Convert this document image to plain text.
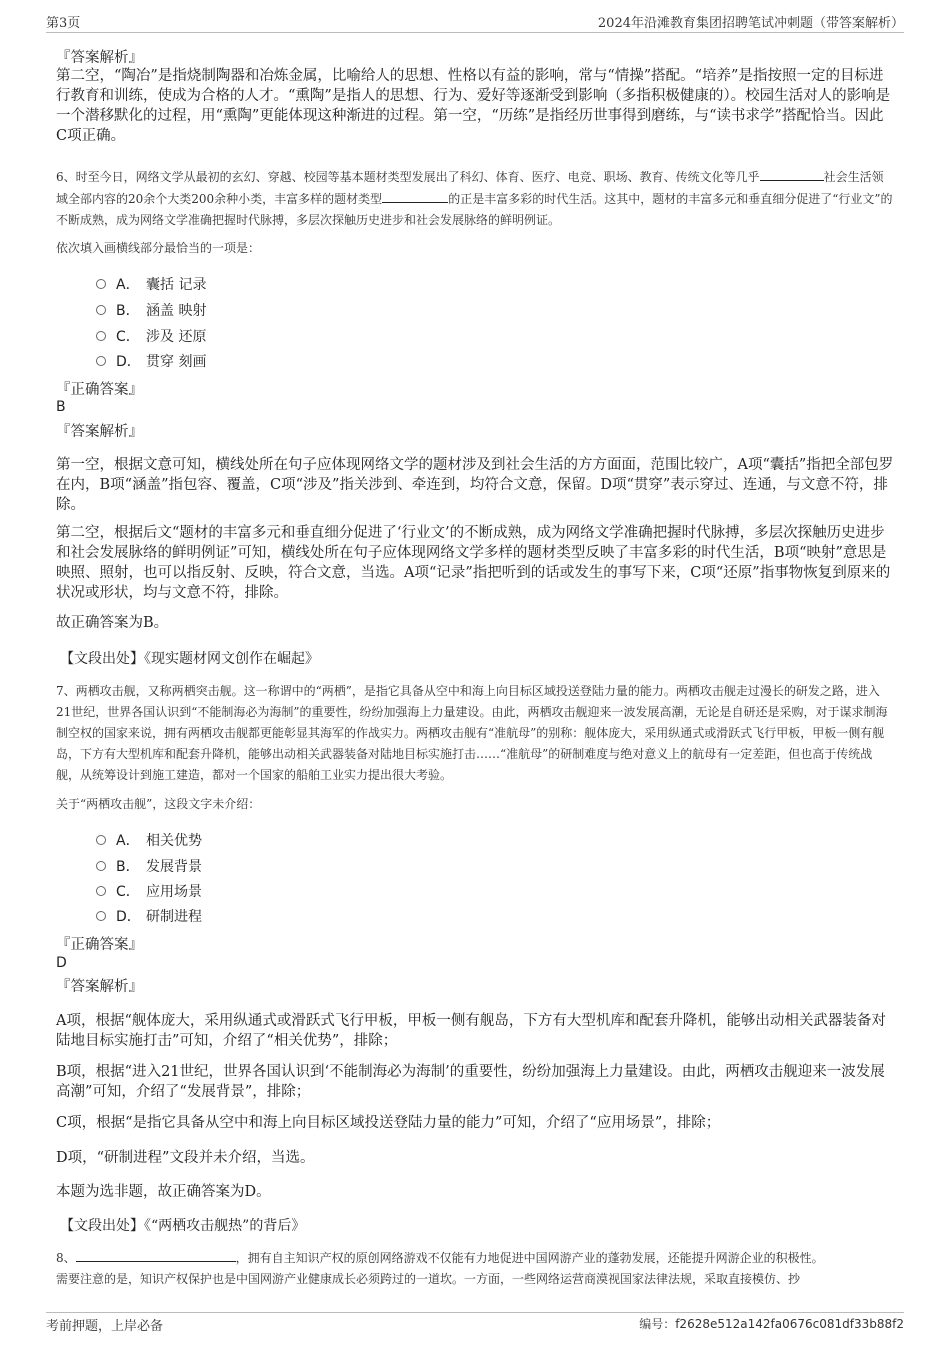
第3页	2024年沿滩教育集团招聘笔试冲刺题（带答案解析）
『答案解析』
第二空，“陶冶”是指烧制陶器和冶炼金属，比喻给人的思想、性格以有益的影响，常与“情操”搭配。“培养”是指按照一定的目标进行教育和训练，使成为合格的人才。“熏陶”是指人的思想、行为、爱好等逐渐受到影响（多指积极健康的）。校园生活对人的影响是一个潜移默化的过程，用“熏陶”更能体现这种渐进的过程。第一空，“历练”是指经历世事得到磨练，与“读书求学”搭配恰当。因此C项正确。
6、时至今日，网络文学从最初的玄幻、穿越、校园等基本题材类型发展出了科幻、体育、医疗、电竞、职场、教育、传统文化等几乎	社会生活领域全部内容的20余个大类200余种小类，丰富多样的题材类型	的正是丰富多彩的时代生活。这其中，题材的丰富多元和垂直细分促进了“行业文”的不断成熟，成为网络文学准确把握时代脉搏，多层次探触历史进步和社会发展脉络的鲜明例证。
依次填入画横线部分最恰当的一项是：
A． 囊括 记录
B． 涵盖 映射
C． 涉及 还原
D． 贯穿 刻画
『正确答案』
B
『答案解析』
第一空，根据文意可知，横线处所在句子应体现网络文学的题材涉及到社会生活的方方面面，范围比较广，A项“囊括”指把全部包罗在内，B项“涵盖”指包容、覆盖，C项“涉及”指关涉到、牵连到，均符合文意，保留。D项“贯穿”表示穿过、连通，与文意不符，排除。
第二空，根据后文“题材的丰富多元和垂直细分促进了‘行业文’的不断成熟，成为网络文学准确把握时代脉搏，多层次探触历史进步和社会发展脉络的鲜明例证”可知，横线处所在句子应体现网络文学多样的题材类型反映了丰富多彩的时代生活，B项“映射”意思是映照、照射，也可以指反射、反映，符合文意，当选。A项“记录”指把听到的话或发生的事写下来，C项“还原”指事物恢复到原来的状况或形状，均与文意不符，排除。
故正确答案为B。
【文段出处】《现实题材网文创作在崛起》
7、两栖攻击舰，又称两栖突击舰。这一称谓中的“两栖”，是指它具备从空中和海上向目标区域投送登陆力量的能力。两栖攻击舰走过漫长的研发之路，进入21世纪，世界各国认识到“不能制海必为海制”的重要性，纷纷加强海上力量建设。由此，两栖攻击舰迎来一波发展高潮，无论是自研还是采购，对于谋求制海制空权的国家来说，拥有两栖攻击舰都更能彰显其海军的作战实力。两栖攻击舰有“准航母”的别称：舰体庞大，采用纵通式或滑跃式飞行甲板，甲板一侧有舰岛，下方有大型机库和配套升降机，能够出动相关武器装备对陆地目标实施打击……“准航母”的研制难度与绝对意义上的航母有一定差距，但也高于传统战舰，从统筹设计到施工建造，都对一个国家的船舶工业实力提出很大考验。
关于“两栖攻击舰”，这段文字未介绍：
A． 相关优势
B． 发展背景
C． 应用场景
D． 研制进程
『正确答案』
D
『答案解析』
A项，根据“舰体庞大，采用纵通式或滑跃式飞行甲板，甲板一侧有舰岛，下方有大型机库和配套升降机，能够出动相关武器装备对陆地目标实施打击”可知，介绍了“相关优势”，排除；
B项，根据“进入21世纪，世界各国认识到‘不能制海必为海制’的重要性，纷纷加强海上力量建设。由此，两栖攻击舰迎来一波发展高潮”可知，介绍了“发展背景”，排除；
C项，根据“是指它具备从空中和海上向目标区域投送登陆力量的能力”可知，介绍了“应用场景”，排除；
D项，“研制进程”文段并未介绍，当选。
本题为选非题，故正确答案为D。
【文段出处】《“两栖攻击舰热”的背后》
8、	，拥有自主知识产权的原创网络游戏不仅能有力地促进中国网游产业的蓬勃发展，还能提升网游企业的积极性。
需要注意的是，知识产权保护也是中国网游产业健康成长必须跨过的一道坎。一方面，一些网络运营商漠视国家法律法规，采取直接模仿、抄
考前押题，上岸必备	编号：f2628e512a142fa0676c081df33b88f2
